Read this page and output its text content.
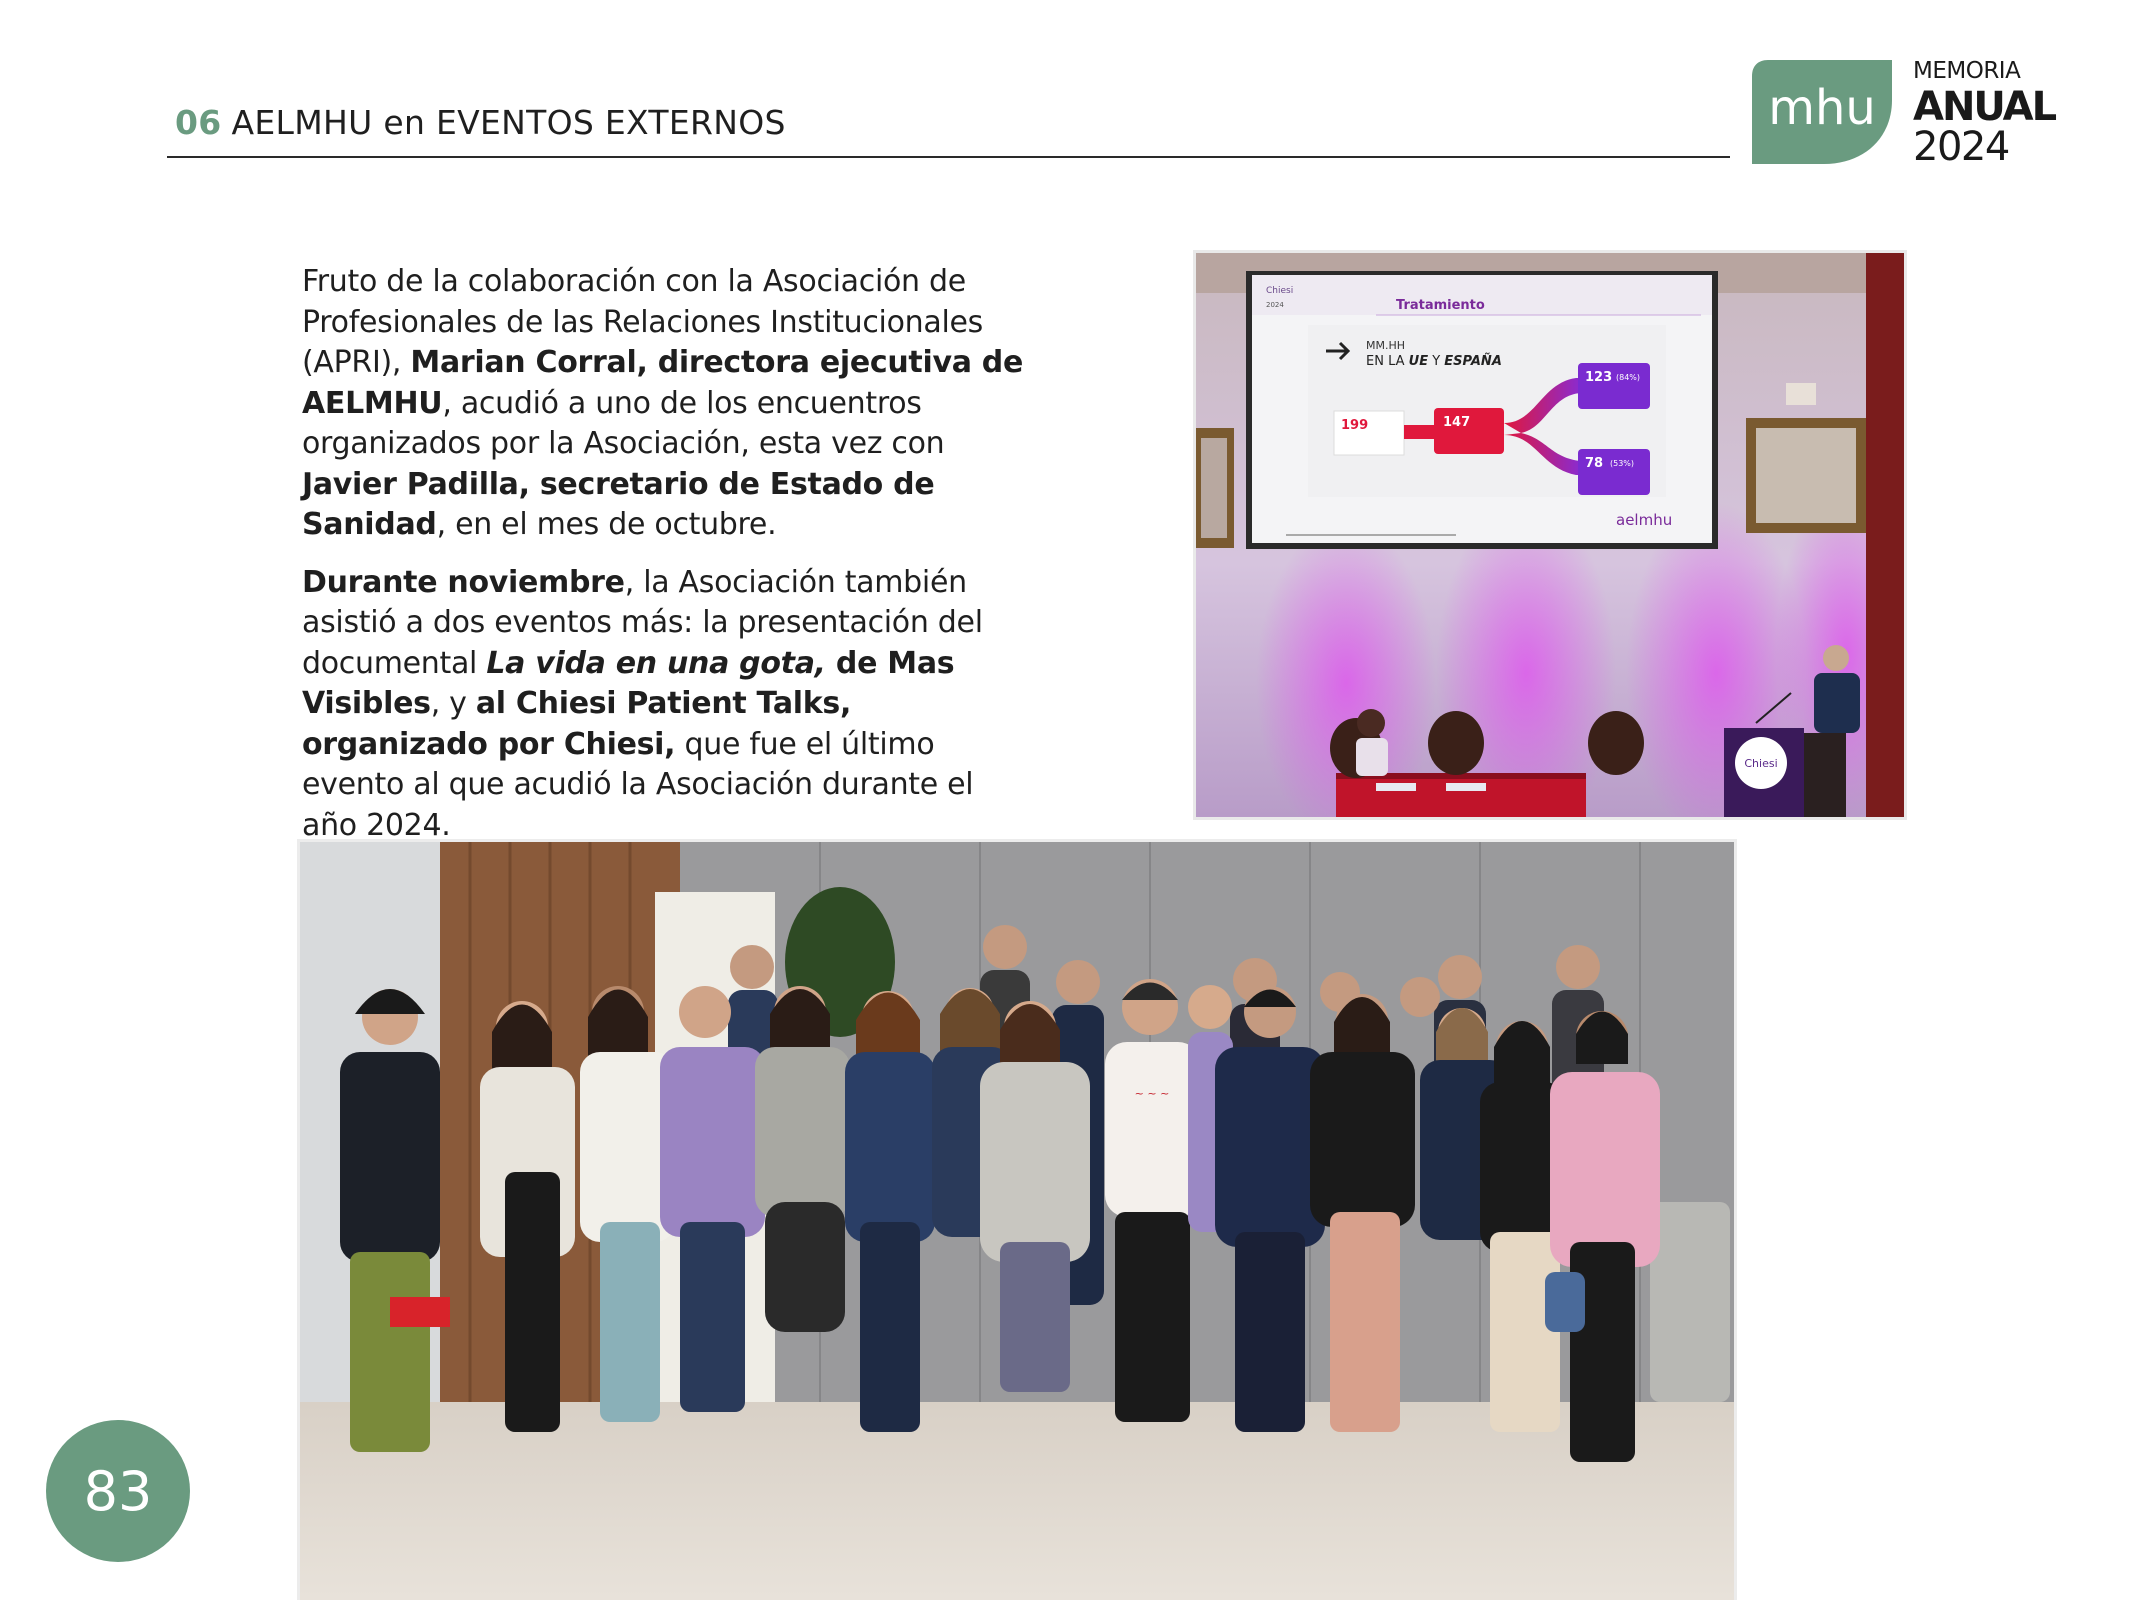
06 AELMHU en EVENTOS EXTERNOS	mhu
MEMORIA
ANUAL
2024

Fruto de la colaboración con la Asociación de Profesionales de las Relaciones Institucionales (APRI), Marian Corral, directora ejecutiva de AELMHU, acudió a uno de los encuentros organizados por la Asociación, esta vez con Javier Padilla, secretario de Estado de Sanidad, en el mes de octubre.

Durante noviembre, la Asociación también asistió a dos eventos más: la presentación del documental La vida en una gota, de Mas Visibles, y al Chiesi Patient Talks, organizado por Chiesi, que fue el último evento al que acudió la Asociación durante el año 2024.

Chiesi
2024	Tratamiento
MM.HH
EN LA UE Y ESPAÑA
199	147
123 (84%)
78 (53%)
aelmhu
Chiesi
~ ~ ~
83
